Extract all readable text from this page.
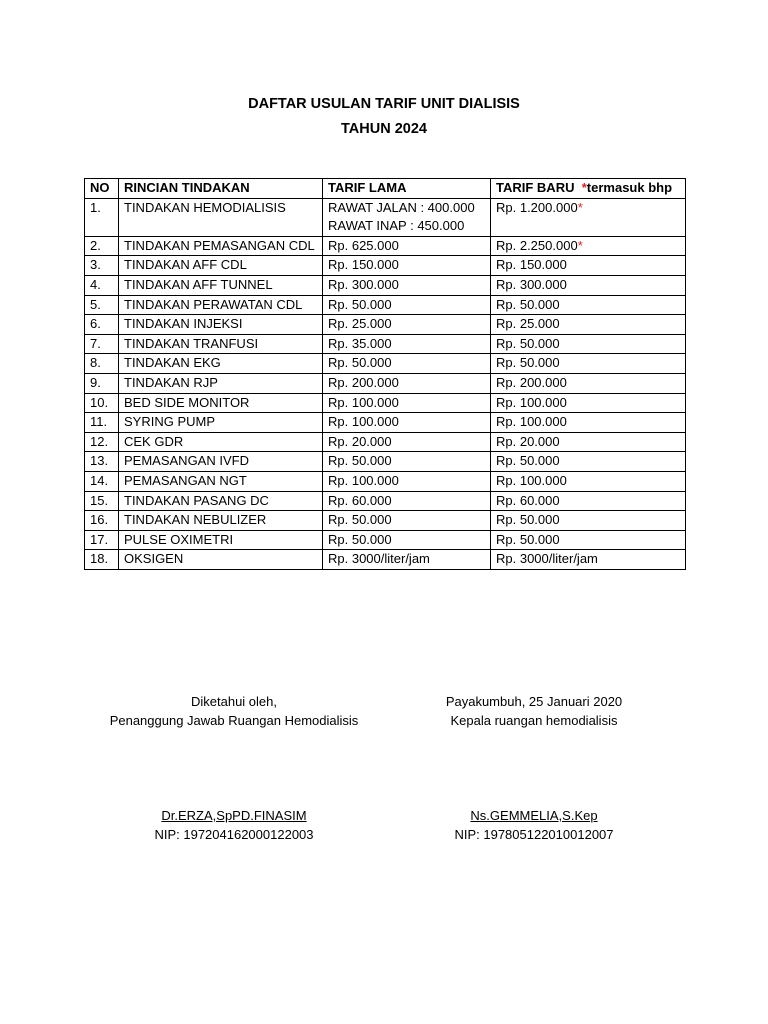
DAFTAR USULAN TARIF UNIT DIALISIS
TAHUN 2024
NO	RINCIAN TINDAKAN	TARIF LAMA	TARIF BARU *termasuk bhp
1.	TINDAKAN HEMODIALISIS	RAWAT JALAN : 400.000
RAWAT INAP : 450.000	Rp. 1.200.000*
2.	TINDAKAN PEMASANGAN CDL	Rp. 625.000	Rp. 2.250.000*
3.	TINDAKAN AFF CDL	Rp. 150.000	Rp. 150.000
4.	TINDAKAN AFF TUNNEL	Rp. 300.000	Rp. 300.000
5.	TINDAKAN PERAWATAN CDL	Rp. 50.000	Rp. 50.000
6.	TINDAKAN INJEKSI	Rp. 25.000	Rp. 25.000
7.	TINDAKAN TRANFUSI	Rp. 35.000	Rp. 50.000
8.	TINDAKAN EKG	Rp. 50.000	Rp. 50.000
9.	TINDAKAN RJP	Rp. 200.000	Rp. 200.000
10.	BED SIDE MONITOR	Rp. 100.000	Rp. 100.000
11.	SYRING PUMP	Rp. 100.000	Rp. 100.000
12.	CEK GDR	Rp. 20.000	Rp. 20.000
13.	PEMASANGAN IVFD	Rp. 50.000	Rp. 50.000
14.	PEMASANGAN NGT	Rp. 100.000	Rp. 100.000
15.	TINDAKAN PASANG DC	Rp. 60.000	Rp. 60.000
16.	TINDAKAN NEBULIZER	Rp. 50.000	Rp. 50.000
17.	PULSE OXIMETRI	Rp. 50.000	Rp. 50.000
18.	OKSIGEN	Rp. 3000/liter/jam	Rp. 3000/liter/jam
Diketahui oleh,
Penanggung Jawab Ruangan Hemodialisis
Payakumbuh, 25 Januari 2020
Kepala ruangan hemodialisis
Dr.ERZA,SpPD.FINASIM
NIP: 197204162000122003
Ns.GEMMELIA,S.Kep
NIP: 197805122010012007
